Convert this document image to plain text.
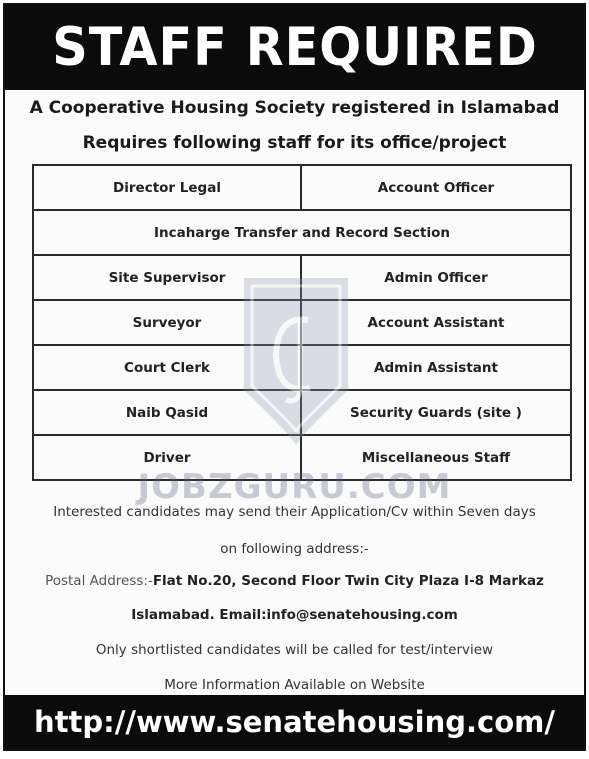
STAFF REQUIRED
A Cooperative Housing Society registered in Islamabad
Requires following staff for its office/project
Director Legal	Account Officer
Incaharge Transfer and Record Section	
Site Supervisor	Admin Officer
Surveyor	Account Assistant
Court Clerk	Admin Assistant
Naib Qasid	Security Guards (site )
Driver	Miscellaneous Staff
JOBZGURU.COM
Interested candidates may send their Application/Cv within Seven days
on following address:-
Postal Address:-Flat No.20, Second Floor Twin City Plaza I-8 Markaz
Islamabad. Email:info@senatehousing.com
Only shortlisted candidates will be called for test/interview
More Information Available on Website
http://www.senatehousing.com/
